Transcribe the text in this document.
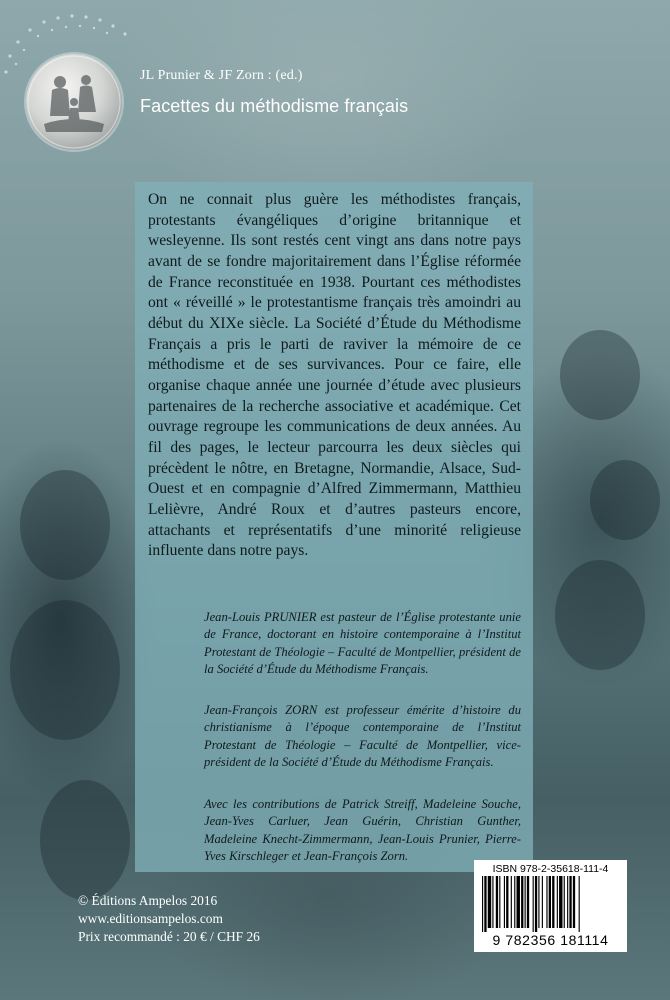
JL Prunier & JF Zorn : (ed.)
Facettes du méthodisme français

On ne connait plus guère les méthodistes français, protestants évangéliques d’origine britannique et wesleyenne. Ils sont restés cent vingt ans dans notre pays avant de se fondre majoritairement dans l’Église réformée de France reconstituée en 1938. Pourtant ces méthodistes ont « réveillé » le protestantisme français très amoindri au début du XIXe siècle. La Société d’Étude du Méthodisme Français a pris le parti de raviver la mémoire de ce méthodisme et de ses survivances. Pour ce faire, elle organise chaque année une journée d’étude avec plusieurs partenaires de la recherche associative et académique. Cet ouvrage regroupe les communications de deux années. Au fil des pages, le lecteur parcourra les deux siècles qui précèdent le nôtre, en Bretagne, Normandie, Alsace, Sud-Ouest et en compagnie d’Alfred Zimmermann, Matthieu Lelièvre, André Roux et d’autres pasteurs encore, attachants et représentatifs d’une minorité religieuse influente dans notre pays.

Jean-Louis PRUNIER est pasteur de l’Église protestante unie de France, doctorant en histoire contemporaine à l’Institut Protestant de Théologie – Faculté de Montpellier, président de la Société d’Étude du Méthodisme Français.

Jean-François ZORN est professeur émérite d’histoire du christianisme à l’époque contemporaine de l’Institut Protestant de Théologie – Faculté de Montpellier, vice-président de la Société d’Étude du Méthodisme Français.

Avec les contributions de Patrick Streiff, Madeleine Souche, Jean-Yves Carluer, Jean Guérin, Christian Gunther, Madeleine Knecht-Zimmermann, Jean-Louis Prunier, Pierre-Yves Kirschleger et Jean-François Zorn.

ISBN 978-2-35618-111-4
9 782356 181114
© Éditions Ampelos 2016
www.editionsampelos.com
Prix recommandé : 20 € / CHF 26
